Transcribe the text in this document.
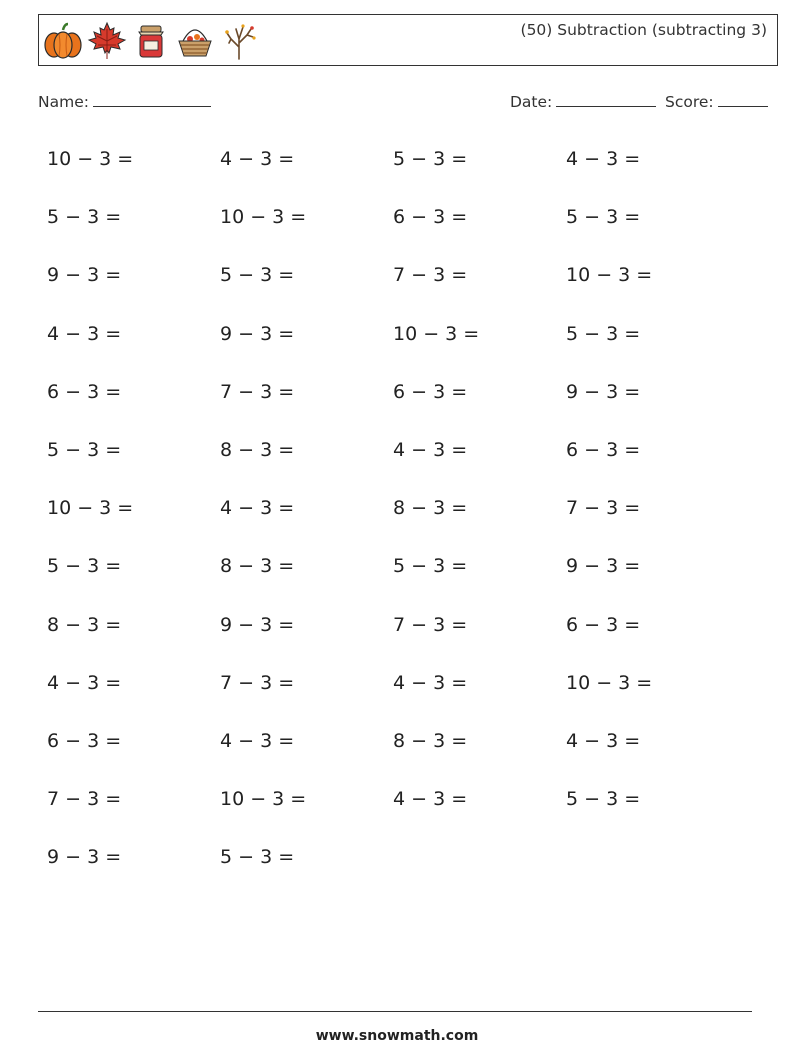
(50) Subtraction (subtracting 3)
Name:	Date:	Score:
10 − 3 =	4 − 3 =	5 − 3 =	4 − 3 =
5 − 3 =	10 − 3 =	6 − 3 =	5 − 3 =
9 − 3 =	5 − 3 =	7 − 3 =	10 − 3 =
4 − 3 =	9 − 3 =	10 − 3 =	5 − 3 =
6 − 3 =	7 − 3 =	6 − 3 =	9 − 3 =
5 − 3 =	8 − 3 =	4 − 3 =	6 − 3 =
10 − 3 =	4 − 3 =	8 − 3 =	7 − 3 =
5 − 3 =	8 − 3 =	5 − 3 =	9 − 3 =
8 − 3 =	9 − 3 =	7 − 3 =	6 − 3 =
4 − 3 =	7 − 3 =	4 − 3 =	10 − 3 =
6 − 3 =	4 − 3 =	8 − 3 =	4 − 3 =
7 − 3 =	10 − 3 =	4 − 3 =	5 − 3 =
9 − 3 =	5 − 3 =
www.snowmath.com
